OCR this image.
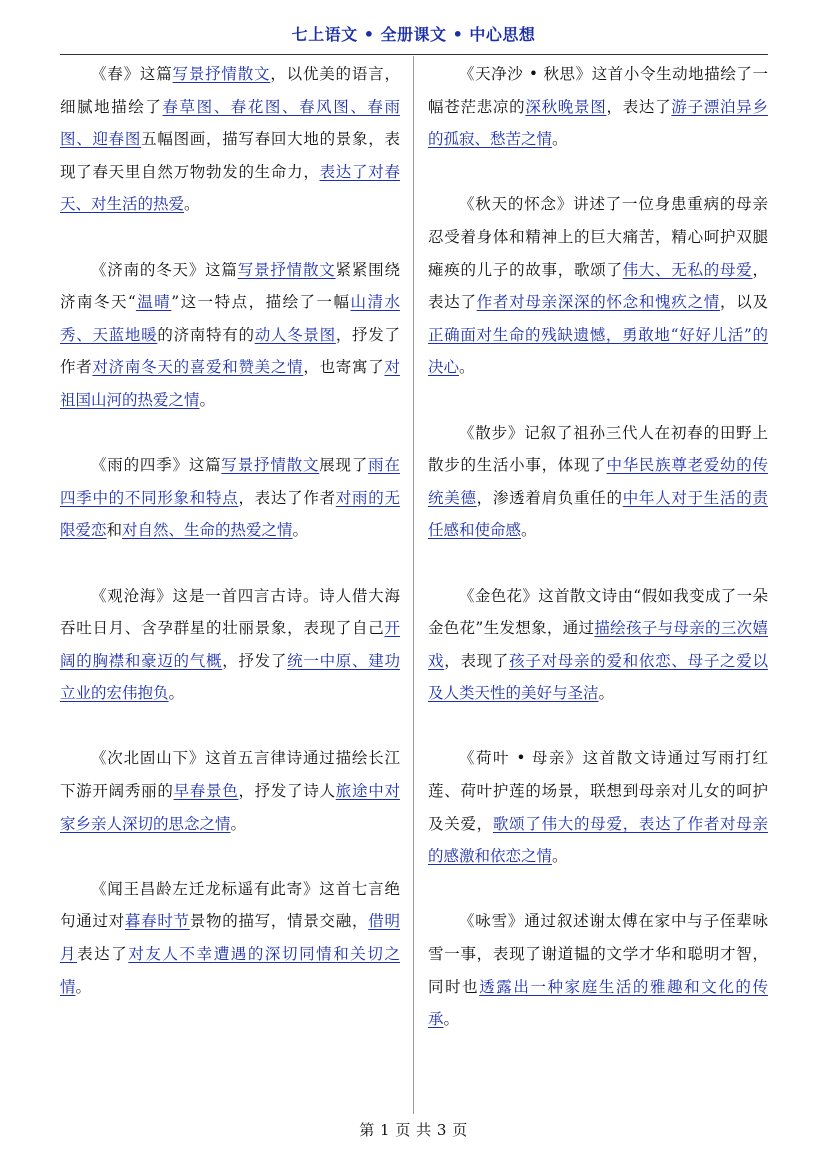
七上语文 • 全册课文 • 中心思想

《春》这篇写景抒情散文，以优美的语言，细腻地描绘了春草图、春花图、春风图、春雨图、迎春图五幅图画，描写春回大地的景象，表现了春天里自然万物勃发的生命力，表达了对春天、对生活的热爱。

《济南的冬天》这篇写景抒情散文紧紧围绕济南冬天“温晴”这一特点，描绘了一幅山清水秀、天蓝地暖的济南特有的动人冬景图，抒发了作者对济南冬天的喜爱和赞美之情，也寄寓了对祖国山河的热爱之情。

《雨的四季》这篇写景抒情散文展现了雨在四季中的不同形象和特点，表达了作者对雨的无限爱恋和对自然、生命的热爱之情。

《观沧海》这是一首四言古诗。诗人借大海吞吐日月、含孕群星的壮丽景象，表现了自己开阔的胸襟和豪迈的气概，抒发了统一中原、建功立业的宏伟抱负。

《次北固山下》这首五言律诗通过描绘长江下游开阔秀丽的早春景色，抒发了诗人旅途中对家乡亲人深切的思念之情。

《闻王昌龄左迁龙标遥有此寄》这首七言绝句通过对暮春时节景物的描写，情景交融，借明月表达了对友人不幸遭遇的深切同情和关切之情。

《天净沙 • 秋思》这首小令生动地描绘了一幅苍茫悲凉的深秋晚景图，表达了游子漂泊异乡的孤寂、愁苦之情。

《秋天的怀念》讲述了一位身患重病的母亲忍受着身体和精神上的巨大痛苦，精心呵护双腿瘫痪的儿子的故事，歌颂了伟大、无私的母爱，表达了作者对母亲深深的怀念和愧疚之情，以及正确面对生命的残缺遗憾，勇敢地“好好儿活”的决心。

《散步》记叙了祖孙三代人在初春的田野上散步的生活小事，体现了中华民族尊老爱幼的传统美德，渗透着肩负重任的中年人对于生活的责任感和使命感。

《金色花》这首散文诗由“假如我变成了一朵金色花”生发想象，通过描绘孩子与母亲的三次嬉戏，表现了孩子对母亲的爱和依恋、母子之爱以及人类天性的美好与圣洁。

《荷叶 • 母亲》这首散文诗通过写雨打红莲、荷叶护莲的场景，联想到母亲对儿女的呵护及关爱，歌颂了伟大的母爱，表达了作者对母亲的感激和依恋之情。

《咏雪》通过叙述谢太傅在家中与子侄辈咏雪一事，表现了谢道韫的文学才华和聪明才智，同时也透露出一种家庭生活的雅趣和文化的传承。

第 1 页 共 3 页
